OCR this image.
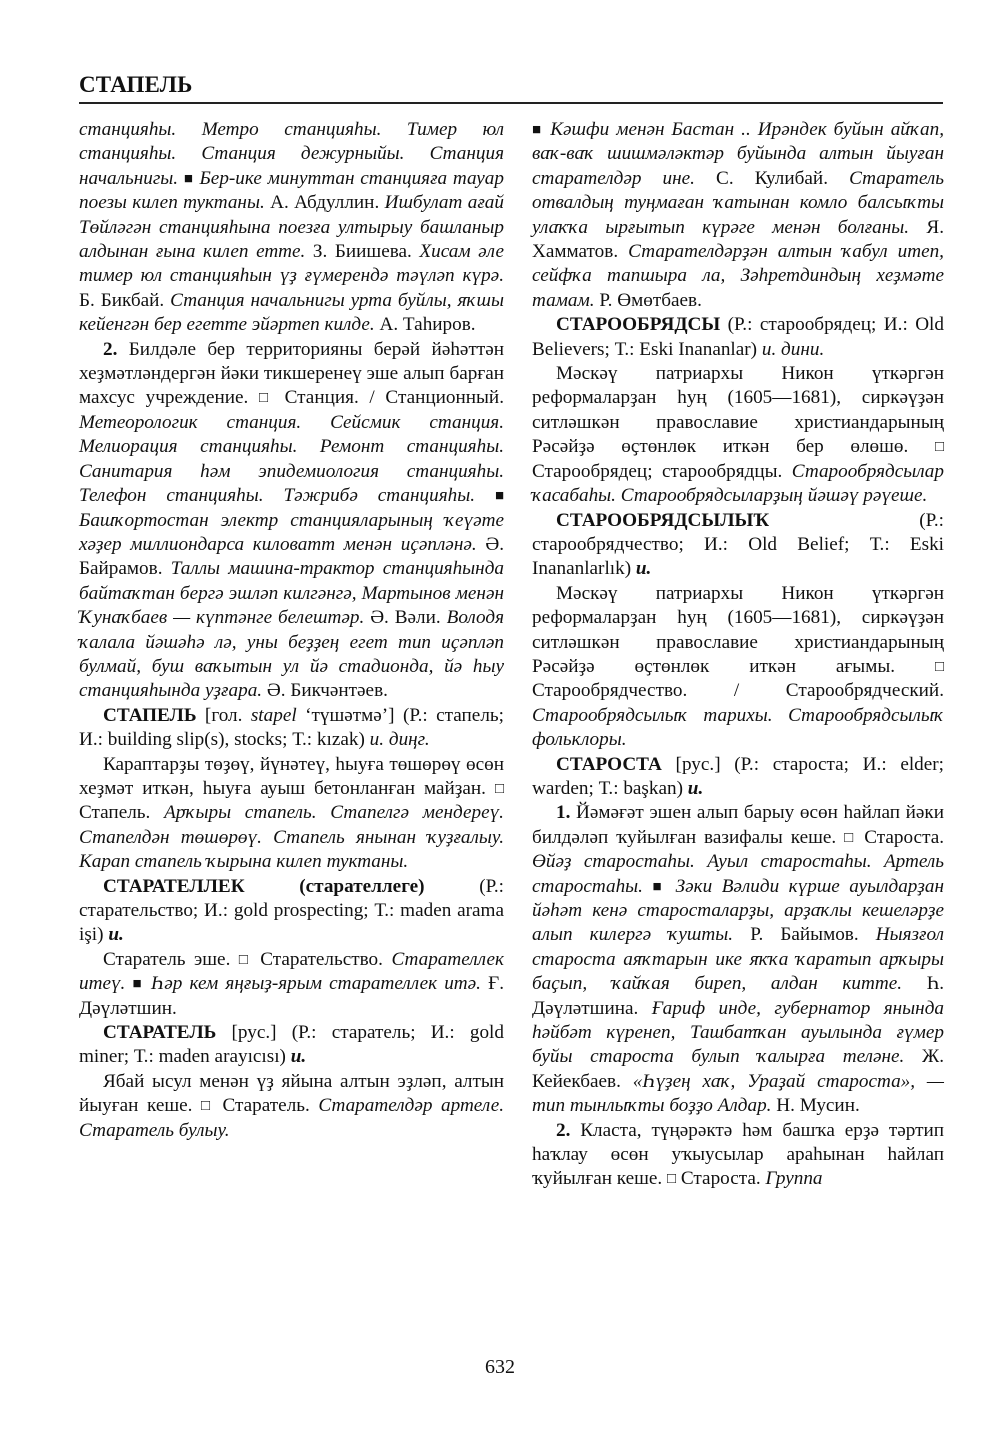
СТАПЕЛЬ

станцияһы. Метро станцияһы. Тимер юл станцияһы. Станция дежурныйы. Станция начальнигы. ■ Бер-ике минуттан станцияға тауар поезы килеп туктаны. А. Абдуллин. Ишбулат ағай Төйләгән станцияһына поезға ултырыу башланыр алдынан ғына килеп етте. З. Биишева. Хисам әле тимер юл станцияһын үҙ ғүмерендә тәүләп күрә. Б. Бикбай. Станция начальнигы урта буйлы, яҡшы кейенгән бер егетте эйәртеп килде. А. Таһиров.

2. Билдәле бер территорияны берәй йәһәттән хеҙмәтләндергән йәки тикшеренеү эше алып барған махсус учреждение. □ Станция. / Станционный. Метеорологик станция. Сейсмик станция. Мелиорация станцияһы. Ремонт станцияһы. Санитария һәм эпидемиология станцияһы. Телефон станцияһы. Тәжрибә станцияһы. ■ Башҡортостан электр станцияларының ҡеүәте хәҙер миллиондарса киловатт менән иҫәпләнә. Ә. Байрамов. Таллы машина-трактор станцияһында байтаҡтан бергә эшләп килгәнгә, Мартынов менән Ҡунаҡбаев — күптәнге белештәр. Ә. Вәли. Володя ҡалала йәшәһә лә, уны беҙҙең егет тип иҫәпләп булмай, буш ваҡытын ул йә стадионда, йә һыу станцияһында уҙғара. Ә. Бикчәнтәев.

СТАПЕЛЬ [гол. stapel ‘түшәтмә’] (Р.: стапель; И.: building slip(s), stocks; Т.: kızak) и. диңг.

Караптарҙы төҙөү, йүнәтеү, һыуға төшөрөү өсөн хеҙмәт иткән, һыуға ауыш бетонланған майҙан. □ Стапель. Арҡыры стапель. Стапелгә мендереү. Стапелдән төшөрөү. Стапель янынан ҡуҙғалыу. Карап стапель ҡырына килеп туктаны.

СТАРАТЕЛЛЕК (старателлеге) (Р.: старательство; И.: gold prospecting; Т.: maden arama işi) и.

Старатель эше. □ Старательство. Старателлек итеү. ■ Һәр кем яңғыҙ-ярым старателлек итә. Ғ. Дәүләтшин.

СТАРАТЕЛЬ [рус.] (Р.: старатель; И.: gold miner; Т.: maden arayıcısı) и.

Ябай ысул менән үҙ яйына алтын эҙләп, алтын йыуған кеше. □ Старатель. Старателдәр артеле. Старатель булыу.

■ Кәшфи менән Бастан .. Ирәндек буйын айҡап, ваҡ-ваҡ шишмәләктәр буйында алтын йыуған старателдәр ине. С. Кулибай. Старатель отвалдың туңмаған ҡатынан комло балсыҡты улаҡҡа ырғытып күрәге менән болғаны. Я. Хамматов. Старателдәрҙән алтын ҡабул итеп, сейфҡа тапшыра ла, Зәһретдиндың хеҙмәте тамам. Р. Өмөтбаев.

СТАРООБРЯДСЫ (Р.: старообрядец; И.: Old Believers; Т.: Eski Inananlar) и. дини.

Мәскәү патриархы Никон үткәргән реформаларҙан һуң (1605—1681), сиркәүҙән ситләшкән православие христиандарының Рәсәйҙә өҫтөнлөк иткән бер өлөшө. □ Старообрядец; старообрядцы. Старообрядсылар ҡасабаһы. Старообрядсыларҙың йәшәү рәүеше.

СТАРООБРЯДСЫЛЫҠ (Р.: старообрядчество; И.: Old Belief; Т.: Eski Inananlarlık) и.

Мәскәү патриархы Никон үткәргән реформаларҙан һуң (1605—1681), сиркәүҙән ситләшкән православие христиандарының Рәсәйҙә өҫтөнлөк иткән ағымы. □ Старообрядчество. / Старообрядческий. Старообрядсылыҡ тарихы. Старообрядсылыҡ фольклоры.

СТАРОСТА [рус.] (Р.: староста; И.: elder; warden; Т.: başkan) и.

1. Йәмәғәт эшен алып барыу өсөн һайлап йәки билдәләп ҡуйылған вазифалы кеше. □ Староста. Өйәҙ старостаһы. Ауыл старостаһы. Артель старостаһы. ■ Зәки Вәлиди күрше ауылдарҙан йәһәт кенә старосталарҙы, арҙаҡлы кешеләрҙе алып килергә ҡушты. Р. Байымов. Ныязғол староста аяҡтарын ике яҡҡа ҡаратып арҡыры баҫып, ҡайҡая биреп, алдан китте. Һ. Дәүләтшина. Ғариф инде, губернатор янында һәйбәт күренеп, Ташбатҡан ауылында ғүмер буйы староста булып ҡалырға теләне. Ж. Кейекбаев. «Һүҙең хаҡ, Ураҙай староста», — тип тынлыҡты боҙҙо Алдар. Н. Мусин.

2. Класта, түңәрәктә һәм башҡа ерҙә тәртип һаҡлау өсөн уҡыусылар араһынан һайлап ҡуйылған кеше. □ Староста. Группа

632
